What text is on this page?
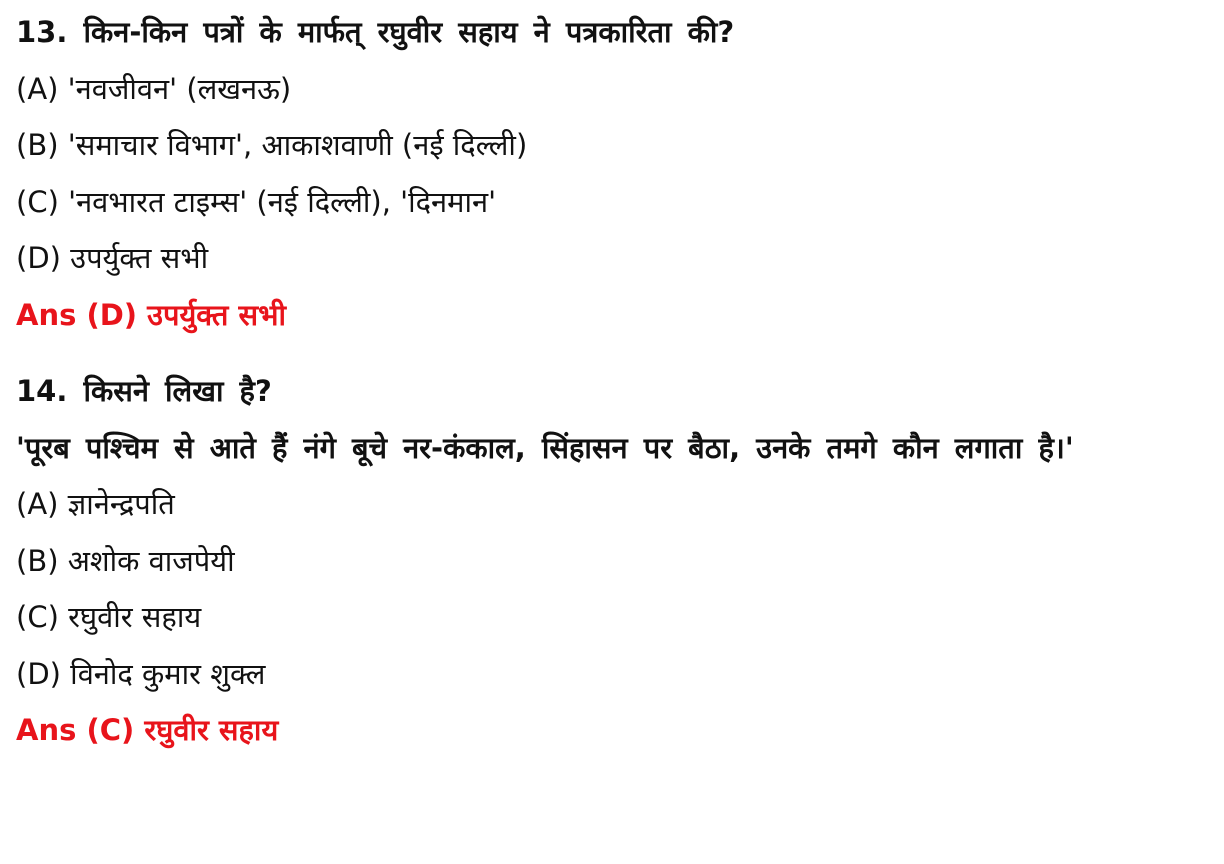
13. किन-किन पत्रों के मार्फत् रघुवीर सहाय ने पत्रकारिता की?
(A) 'नवजीवन' (लखनऊ)
(B) 'समाचार विभाग', आकाशवाणी (नई दिल्ली)
(C) 'नवभारत टाइम्स' (नई दिल्ली), 'दिनमान'
(D) उपर्युक्त सभी
Ans (D) उपर्युक्त सभी
14. किसने लिखा है?
'पूरब पश्चिम से आते हैं नंगे बूचे नर-कंकाल, सिंहासन पर बैठा, उनके तमगे कौन लगाता है।'
(A) ज्ञानेन्द्रपति
(B) अशोक वाजपेयी
(C) रघुवीर सहाय
(D) विनोद कुमार शुक्ल
Ans (C) रघुवीर सहाय
